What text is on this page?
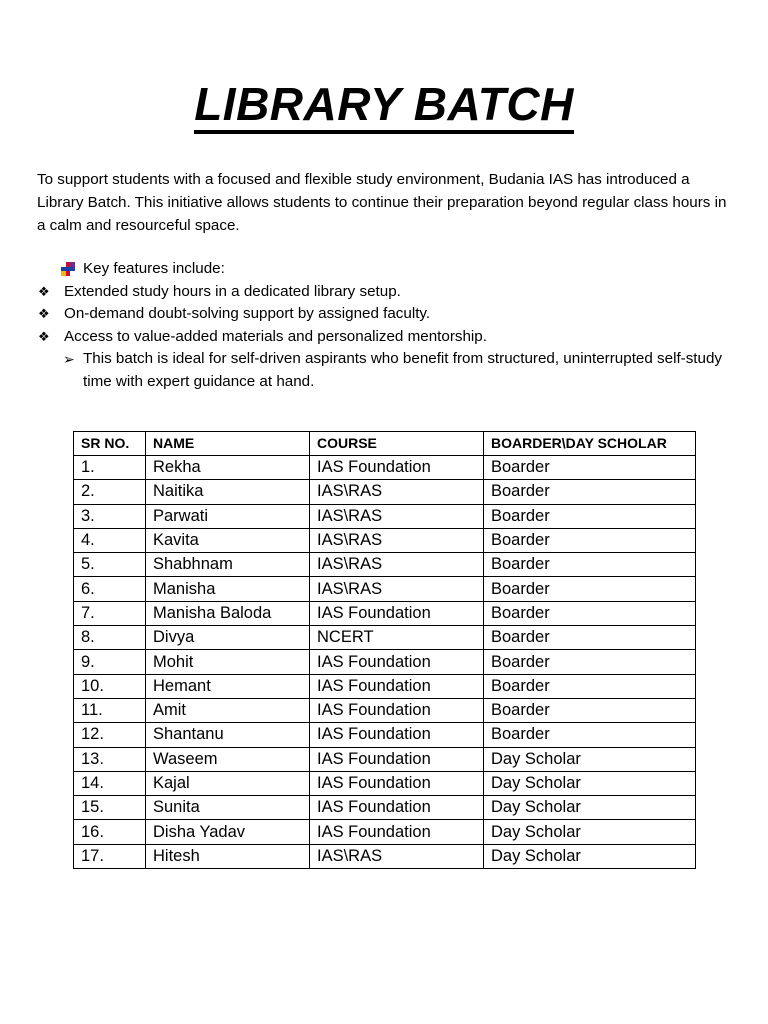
LIBRARY BATCH
To support students with a focused and flexible study environment, Budania IAS has introduced a Library Batch. This initiative allows students to continue their preparation beyond regular class hours in a calm and resourceful space.
Key features include:
❖ Extended study hours in a dedicated library setup.
❖ On-demand doubt-solving support by assigned faculty.
❖ Access to value-added materials and personalized mentorship.
➢ This batch is ideal for self-driven aspirants who benefit from structured, uninterrupted self-study time with expert guidance at hand.
SR NO.	NAME	COURSE	BOARDER\DAY SCHOLAR
1.	Rekha	IAS Foundation	Boarder
2.	Naitika	IAS\RAS	Boarder
3.	Parwati	IAS\RAS	Boarder
4.	Kavita	IAS\RAS	Boarder
5.	Shabhnam	IAS\RAS	Boarder
6.	Manisha	IAS\RAS	Boarder
7.	Manisha Baloda	IAS Foundation	Boarder
8.	Divya	NCERT	Boarder
9.	Mohit	IAS Foundation	Boarder
10.	Hemant	IAS Foundation	Boarder
11.	Amit	IAS Foundation	Boarder
12.	Shantanu	IAS Foundation	Boarder
13.	Waseem	IAS Foundation	Day Scholar
14.	Kajal	IAS Foundation	Day Scholar
15.	Sunita	IAS Foundation	Day Scholar
16.	Disha Yadav	IAS Foundation	Day Scholar
17.	Hitesh	IAS\RAS	Day Scholar
